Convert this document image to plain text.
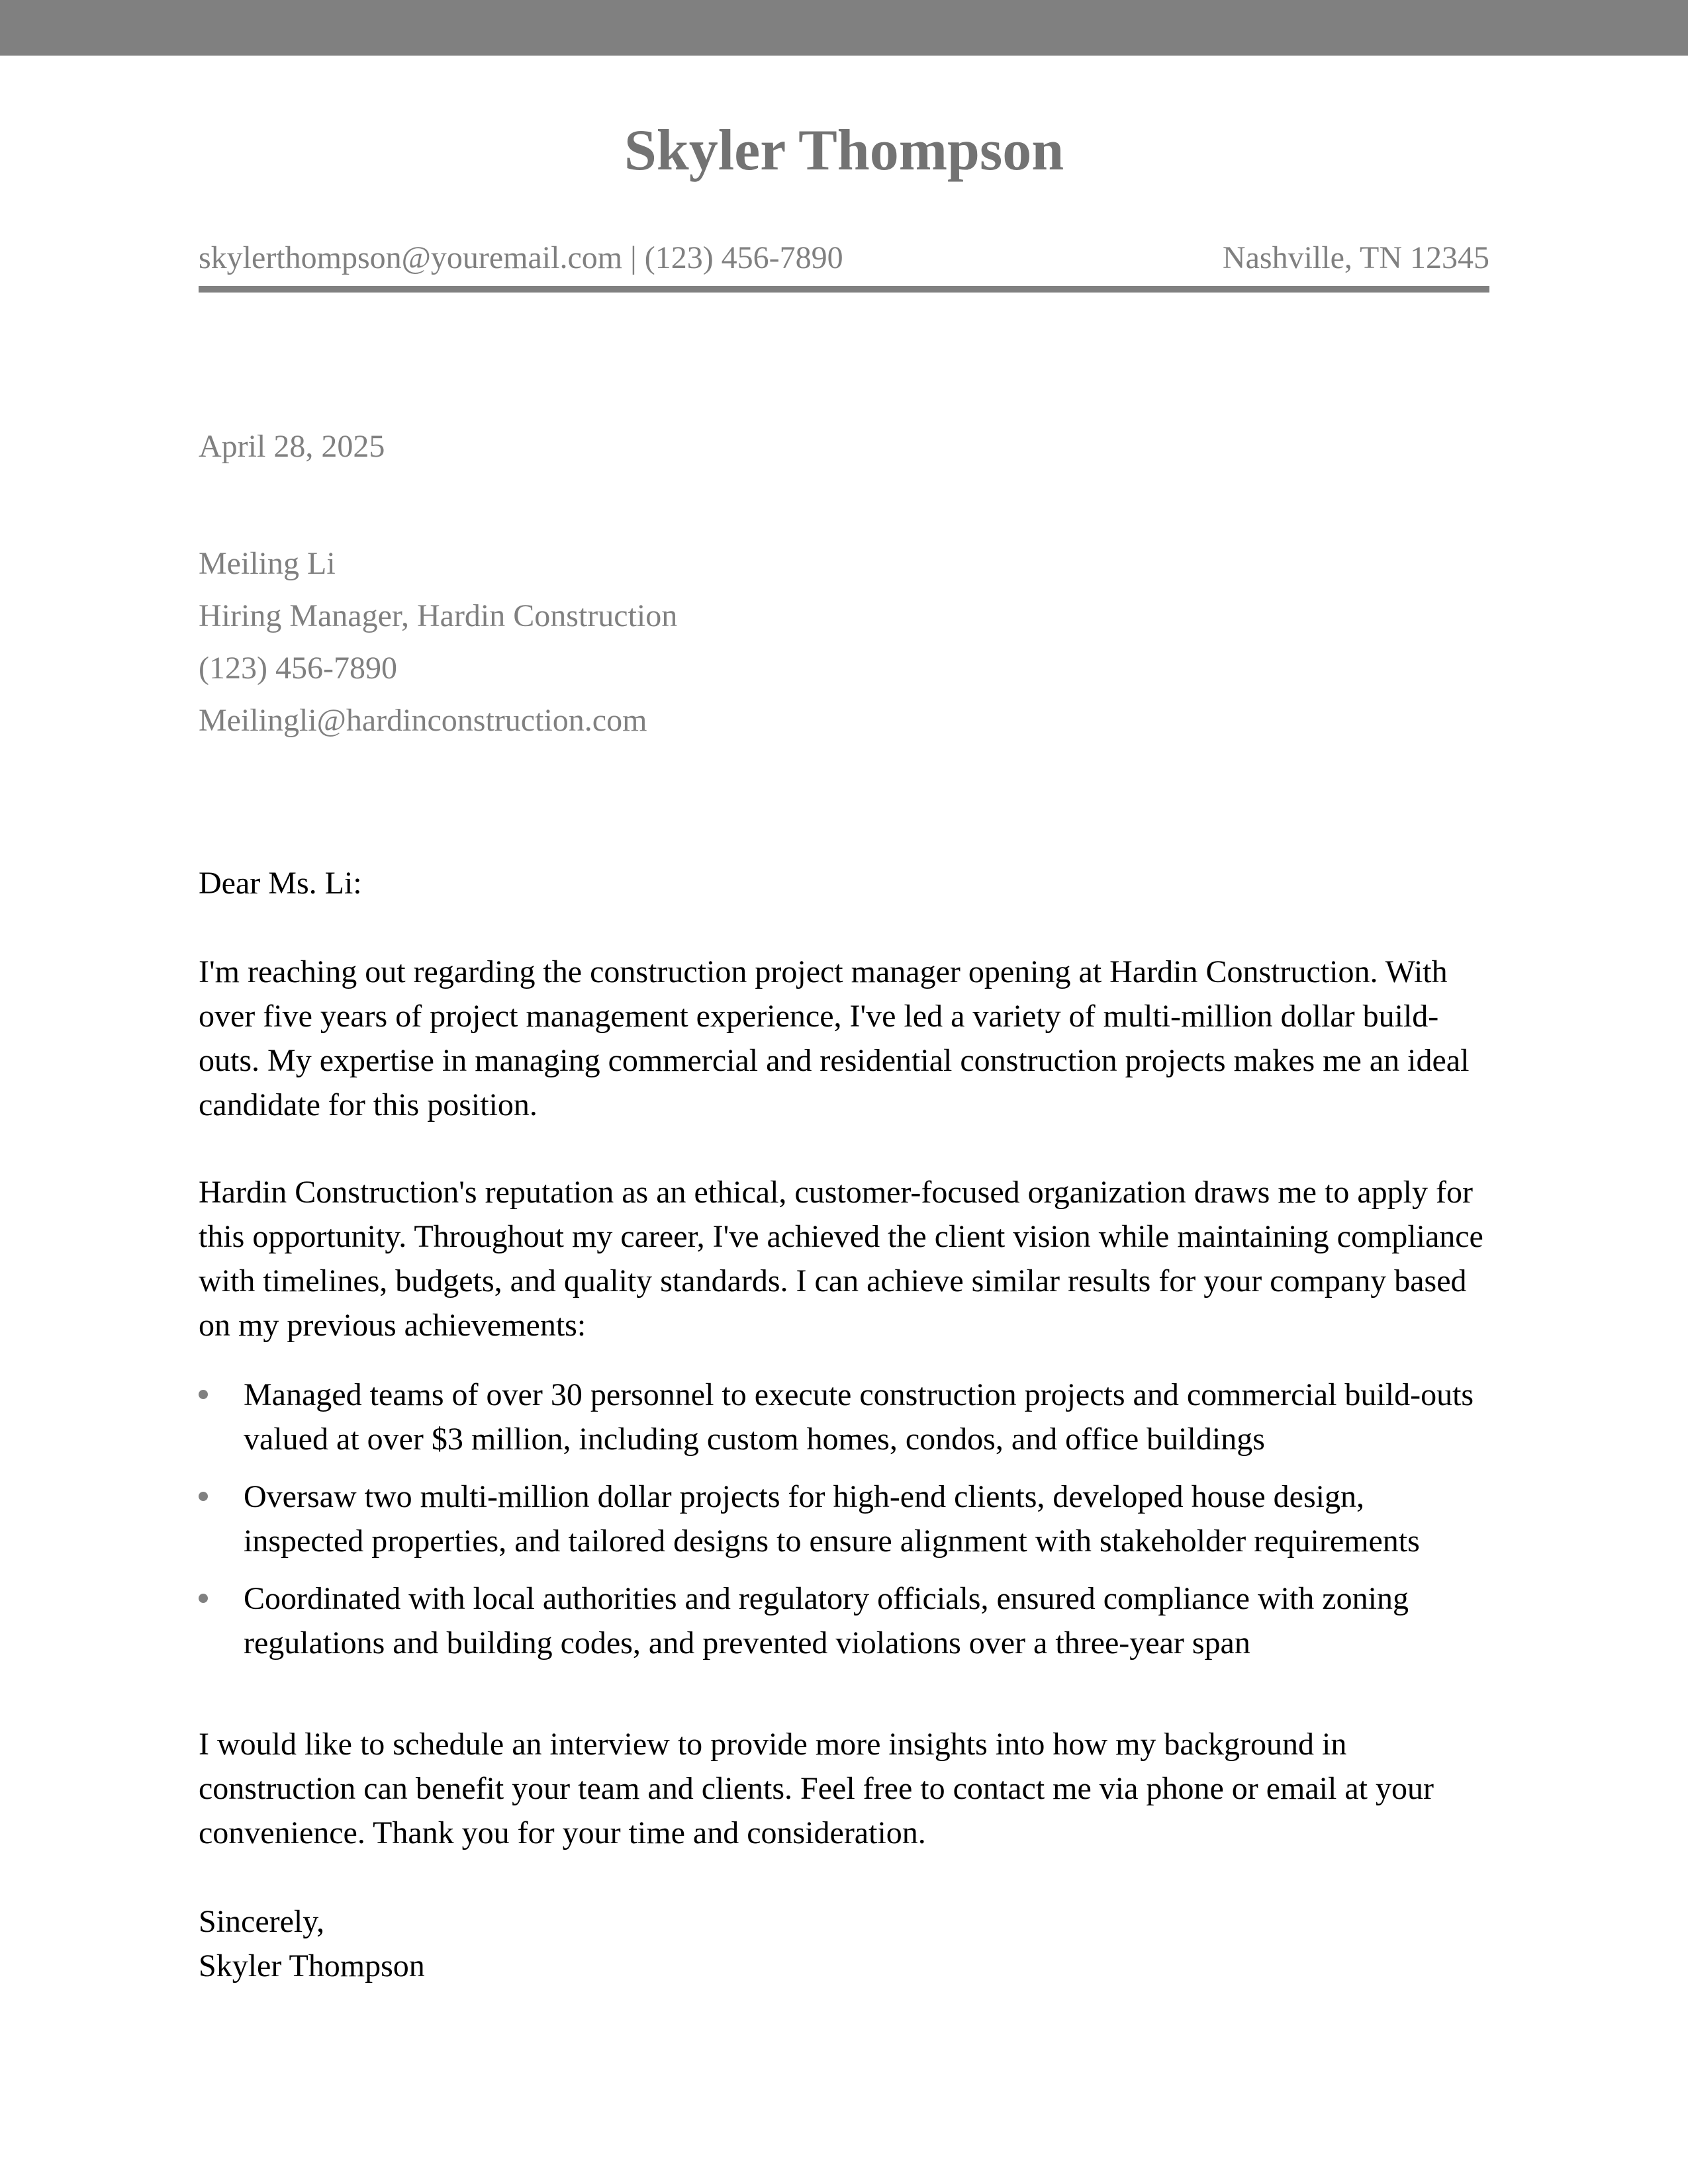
Skyler Thompson
skylerthompson@youremail.com | (123) 456-7890	Nashville, TN 12345
April 28, 2025
Meiling Li
Hiring Manager, Hardin Construction
(123) 456-7890
Meilingli@hardinconstruction.com
Dear Ms. Li:
I'm reaching out regarding the construction project manager opening at Hardin Construction. With over five years of project management experience, I've led a variety of multi-million dollar build-outs. My expertise in managing commercial and residential construction projects makes me an ideal candidate for this position.
Hardin Construction's reputation as an ethical, customer-focused organization draws me to apply for this opportunity. Throughout my career, I've achieved the client vision while maintaining compliance with timelines, budgets, and quality standards. I can achieve similar results for your company based on my previous achievements:
Managed teams of over 30 personnel to execute construction projects and commercial build-outs valued at over $3 million, including custom homes, condos, and office buildings
Oversaw two multi-million dollar projects for high-end clients, developed house design, inspected properties, and tailored designs to ensure alignment with stakeholder requirements
Coordinated with local authorities and regulatory officials, ensured compliance with zoning regulations and building codes, and prevented violations over a three-year span
I would like to schedule an interview to provide more insights into how my background in construction can benefit your team and clients. Feel free to contact me via phone or email at your convenience. Thank you for your time and consideration.
Sincerely,
Skyler Thompson
